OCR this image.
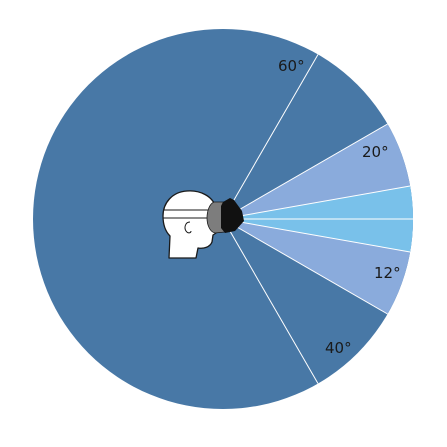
60°
20°
12°
40°
